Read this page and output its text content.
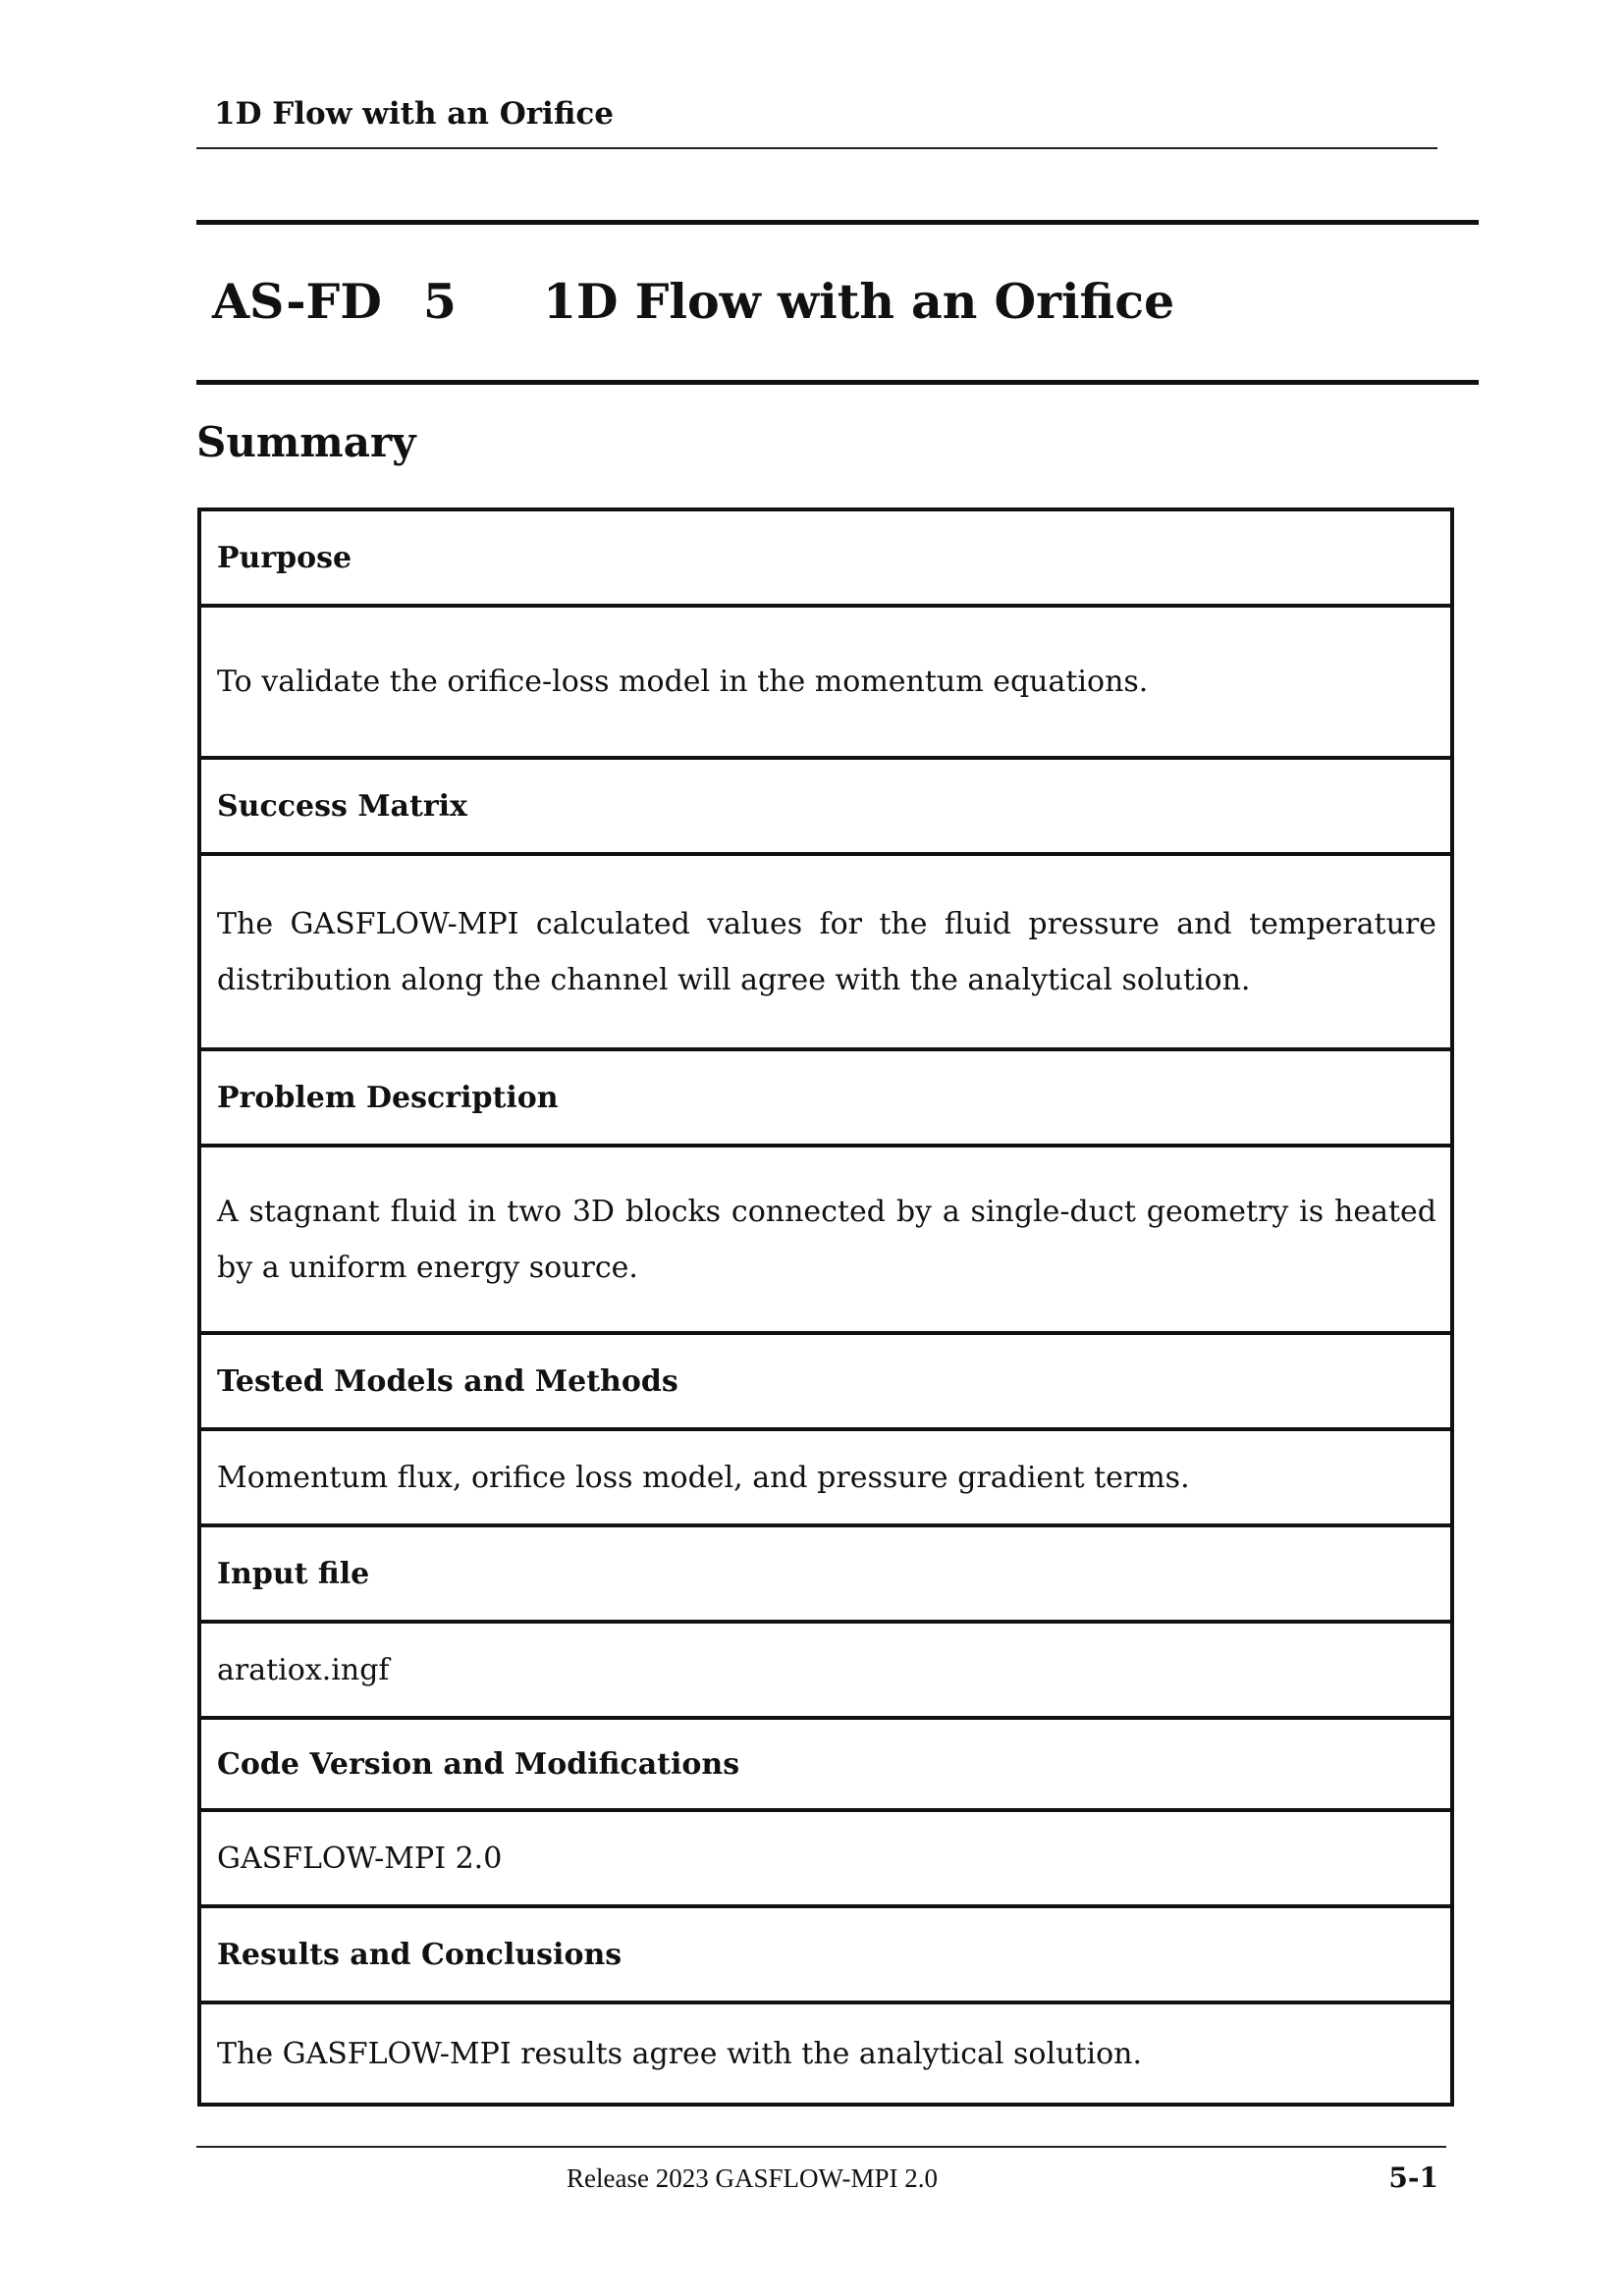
1D Flow with an Orifice
AS-FD 5 1D Flow with an Orifice
Summary

Purpose

To validate the orifice-loss model in the momentum equations.

Success Matrix

The GASFLOW-MPI calculated values for the fluid pressure and temperature distribution along the channel will agree with the analytical solution.

Problem Description

A stagnant fluid in two 3D blocks connected by a single-duct geometry is heated by a uniform energy source.

Tested Models and Methods

Momentum flux, orifice loss model, and pressure gradient terms.

Input file

aratiox.ingf

Code Version and Modifications

GASFLOW-MPI 2.0

Results and Conclusions

The GASFLOW-MPI results agree with the analytical solution.

Release 2023 GASFLOW-MPI 2.0	5-1
